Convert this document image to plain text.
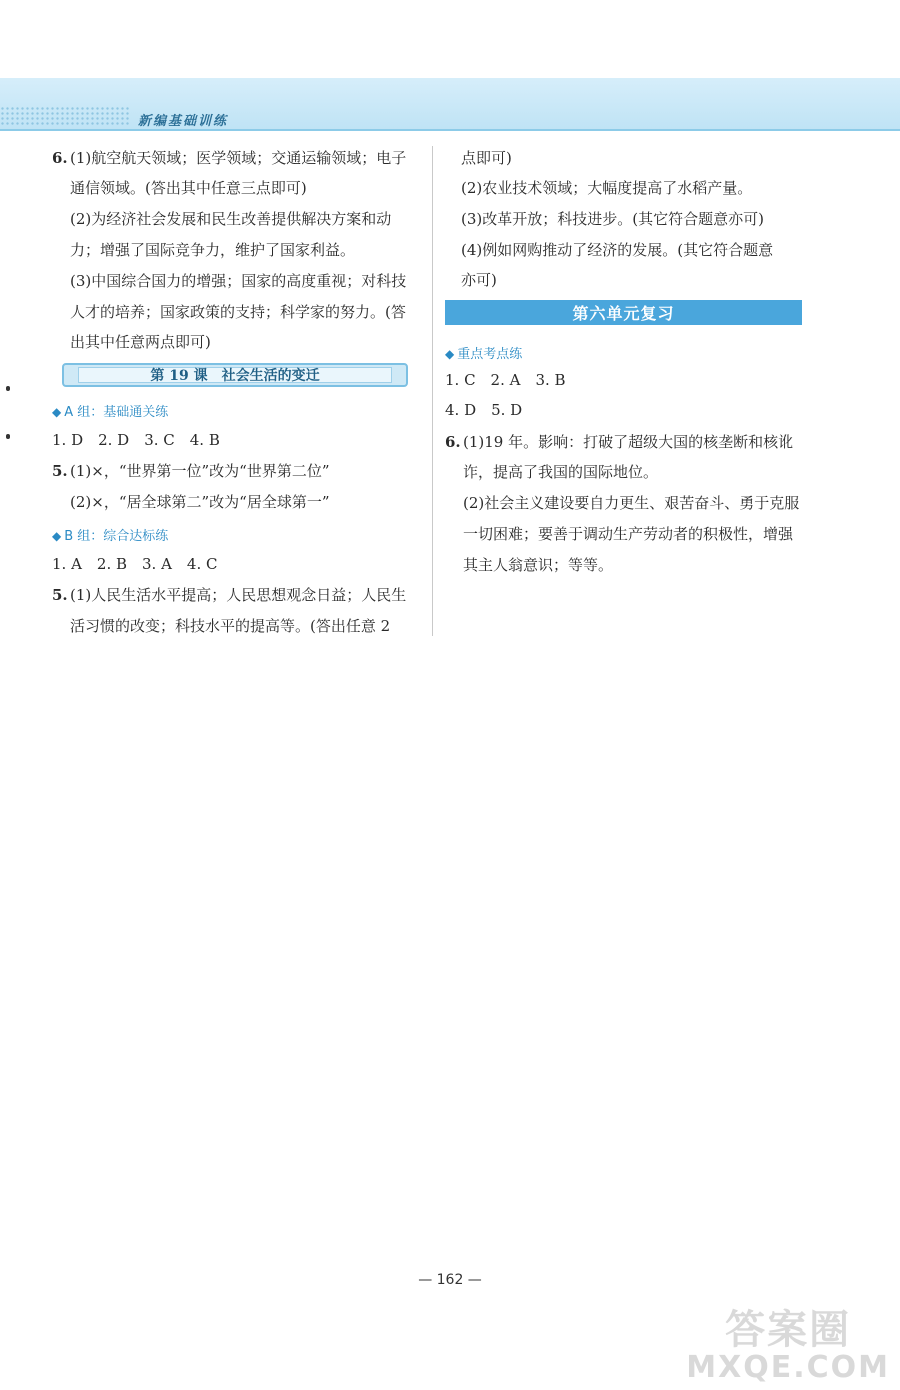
新编基础训练
6. (1)航空航天领域；医学领域；交通运输领域；电子
通信领域。(答出其中任意三点即可)
(2)为经济社会发展和民生改善提供解决方案和动
力；增强了国际竞争力，维护了国家利益。
(3)中国综合国力的增强；国家的高度重视；对科技
人才的培养；国家政策的支持；科学家的努力。(答
出其中任意两点即可)
第 19 课　社会生活的变迁
◆ A 组：基础通关练
1. D　2. D　3. C　4. B
5. (1)×，“世界第一位”改为“世界第二位”
(2)×，“居全球第二”改为“居全球第一”
◆ B 组：综合达标练
1. A　2. B　3. A　4. C
5. (1)人民生活水平提高；人民思想观念日益；人民生
活习惯的改变；科技水平的提高等。(答出任意 2
点即可)
(2)农业技术领域；大幅度提高了水稻产量。
(3)改革开放；科技进步。(其它符合题意亦可)
(4)例如网购推动了经济的发展。(其它符合题意
亦可)
第六单元复习
◆ 重点考点练
1. C　2. A　3. B
4. D　5. D
6. (1)19 年。影响：打破了超级大国的核垄断和核讹
诈，提高了我国的国际地位。
(2)社会主义建设要自力更生、艰苦奋斗、勇于克服
一切困难；要善于调动生产劳动者的积极性，增强
其主人翁意识；等等。
— 162 —
答案圈
MXQE.COM
